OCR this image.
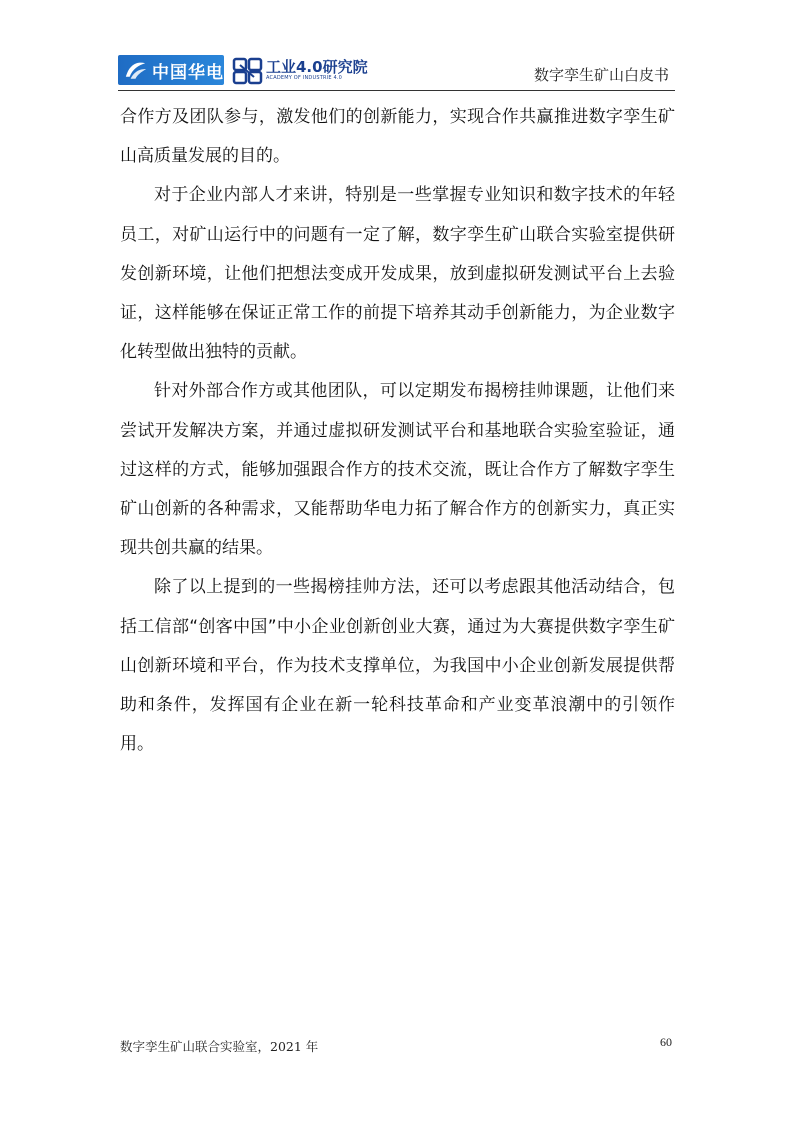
中国华电	工业4.0研究院
ACADEMY OF INDUSTRIE 4.0	数字孪生矿山白皮书

合作方及团队参与，激发他们的创新能力，实现合作共赢推进数字孪生矿山高质量发展的目的。

对于企业内部人才来讲，特别是一些掌握专业知识和数字技术的年轻员工，对矿山运行中的问题有一定了解，数字孪生矿山联合实验室提供研发创新环境，让他们把想法变成开发成果，放到虚拟研发测试平台上去验证，这样能够在保证正常工作的前提下培养其动手创新能力，为企业数字化转型做出独特的贡献。

针对外部合作方或其他团队，可以定期发布揭榜挂帅课题，让他们来尝试开发解决方案，并通过虚拟研发测试平台和基地联合实验室验证，通过这样的方式，能够加强跟合作方的技术交流，既让合作方了解数字孪生矿山创新的各种需求，又能帮助华电力拓了解合作方的创新实力，真正实现共创共赢的结果。

除了以上提到的一些揭榜挂帅方法，还可以考虑跟其他活动结合，包括工信部“创客中国”中小企业创新创业大赛，通过为大赛提供数字孪生矿山创新环境和平台，作为技术支撑单位，为我国中小企业创新发展提供帮助和条件，发挥国有企业在新一轮科技革命和产业变革浪潮中的引领作用。

数字孪生矿山联合实验室，2021 年	60
